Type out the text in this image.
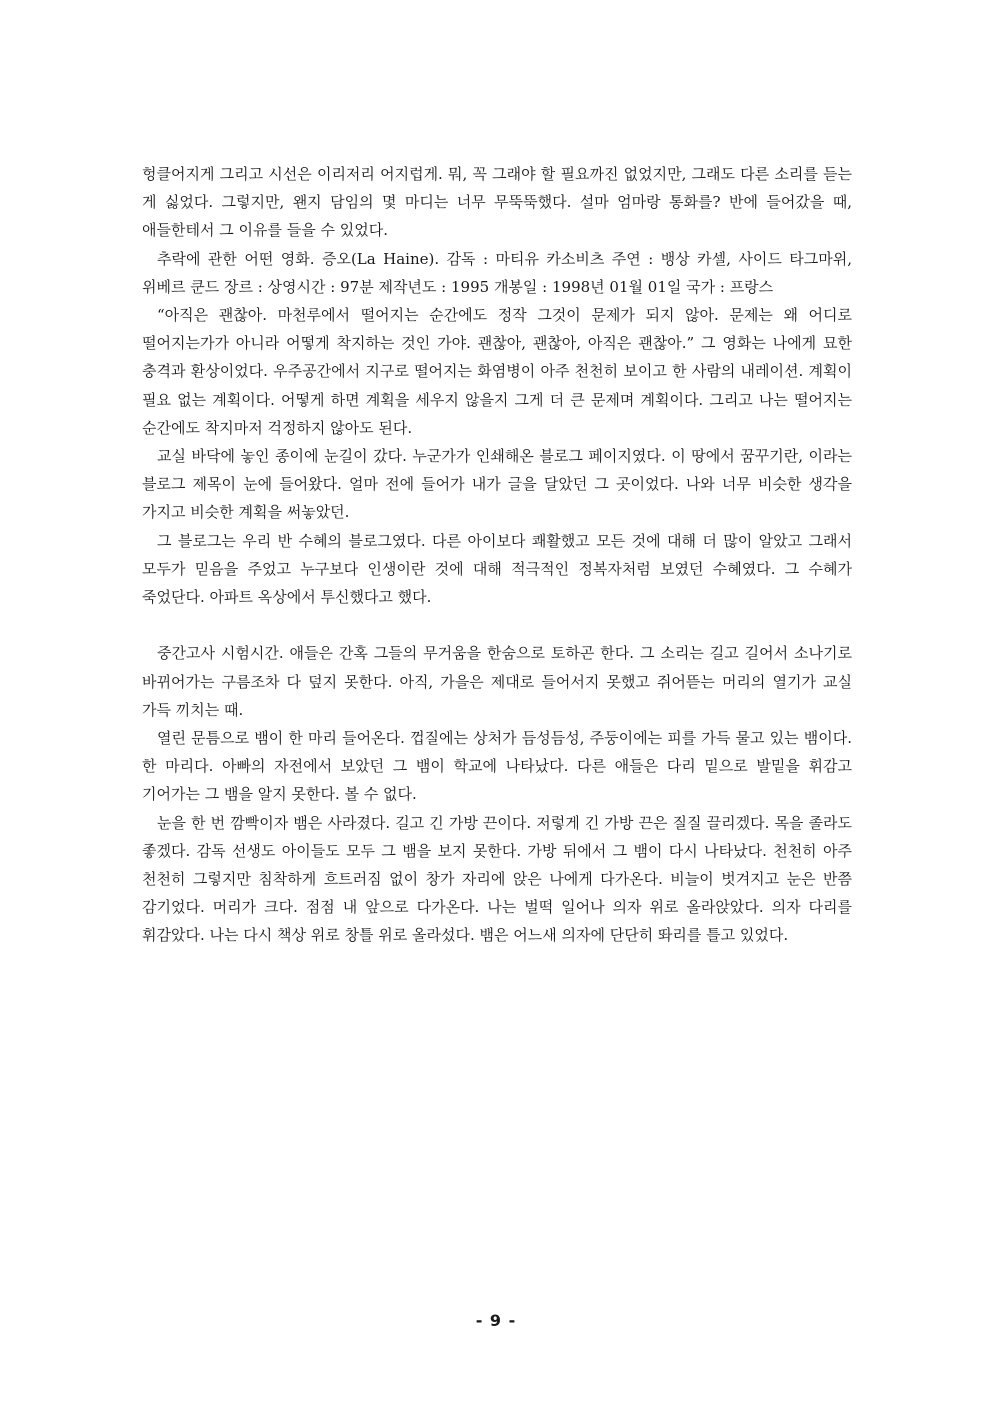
헝클어지게 그리고 시선은 이리저리 어지럽게. 뭐, 꼭 그래야 할 필요까진 없었지만, 그래도 다른 소리를 듣는 게 싫었다. 그렇지만, 왠지 담임의 몇 마디는 너무 무뚝뚝했다. 설마 엄마랑 통화를? 반에 들어갔을 때, 애들한테서 그 이유를 들을 수 있었다.

추락에 관한 어떤 영화. 증오(La Haine). 감독 : 마티유 카소비츠 주연 : 뱅상 카셀, 사이드 타그마위, 위베르 쿤드 장르 : 상영시간 : 97분 제작년도 : 1995 개봉일 : 1998년 01월 01일 국가 : 프랑스

“아직은 괜찮아. 마천루에서 떨어지는 순간에도 정작 그것이 문제가 되지 않아. 문제는 왜 어디로 떨어지는가가 아니라 어떻게 착지하는 것인 가야. 괜찮아, 괜찮아, 아직은 괜찮아.” 그 영화는 나에게 묘한 충격과 환상이었다. 우주공간에서 지구로 떨어지는 화염병이 아주 천천히 보이고 한 사람의 내레이션. 계획이 필요 없는 계획이다. 어떻게 하면 계획을 세우지 않을지 그게 더 큰 문제며 계획이다. 그리고 나는 떨어지는 순간에도 착지마저 걱정하지 않아도 된다.

교실 바닥에 놓인 종이에 눈길이 갔다. 누군가가 인쇄해온 블로그 페이지였다. 이 땅에서 꿈꾸기란, 이라는 블로그 제목이 눈에 들어왔다. 얼마 전에 들어가 내가 글을 달았던 그 곳이었다. 나와 너무 비슷한 생각을 가지고 비슷한 계획을 써놓았던.

그 블로그는 우리 반 수혜의 블로그였다. 다른 아이보다 쾌활했고 모든 것에 대해 더 많이 알았고 그래서 모두가 믿음을 주었고 누구보다 인생이란 것에 대해 적극적인 정복자처럼 보였던 수혜였다. 그 수혜가 죽었단다. 아파트 옥상에서 투신했다고 했다.

중간고사 시험시간. 애들은 간혹 그들의 무거움을 한숨으로 토하곤 한다. 그 소리는 길고 길어서 소나기로 바뀌어가는 구름조차 다 덮지 못한다. 아직, 가을은 제대로 들어서지 못했고 쥐어뜯는 머리의 열기가 교실 가득 끼치는 때.

열린 문틈으로 뱀이 한 마리 들어온다. 껍질에는 상처가 듬성듬성, 주둥이에는 피를 가득 물고 있는 뱀이다. 한 마리다. 아빠의 자전에서 보았던 그 뱀이 학교에 나타났다. 다른 애들은 다리 밑으로 발밑을 휘감고 기어가는 그 뱀을 알지 못한다. 볼 수 없다.

눈을 한 번 깜빡이자 뱀은 사라졌다. 길고 긴 가방 끈이다. 저렇게 긴 가방 끈은 질질 끌리겠다. 목을 졸라도 좋겠다. 감독 선생도 아이들도 모두 그 뱀을 보지 못한다. 가방 뒤에서 그 뱀이 다시 나타났다. 천천히 아주 천천히 그렇지만 침착하게 흐트러짐 없이 창가 자리에 앉은 나에게 다가온다. 비늘이 벗겨지고 눈은 반쯤 감기었다. 머리가 크다. 점점 내 앞으로 다가온다. 나는 벌떡 일어나 의자 위로 올라앉았다. 의자 다리를 휘감았다. 나는 다시 책상 위로 창틀 위로 올라섰다. 뱀은 어느새 의자에 단단히 똬리를 틀고 있었다.

- 9 -
